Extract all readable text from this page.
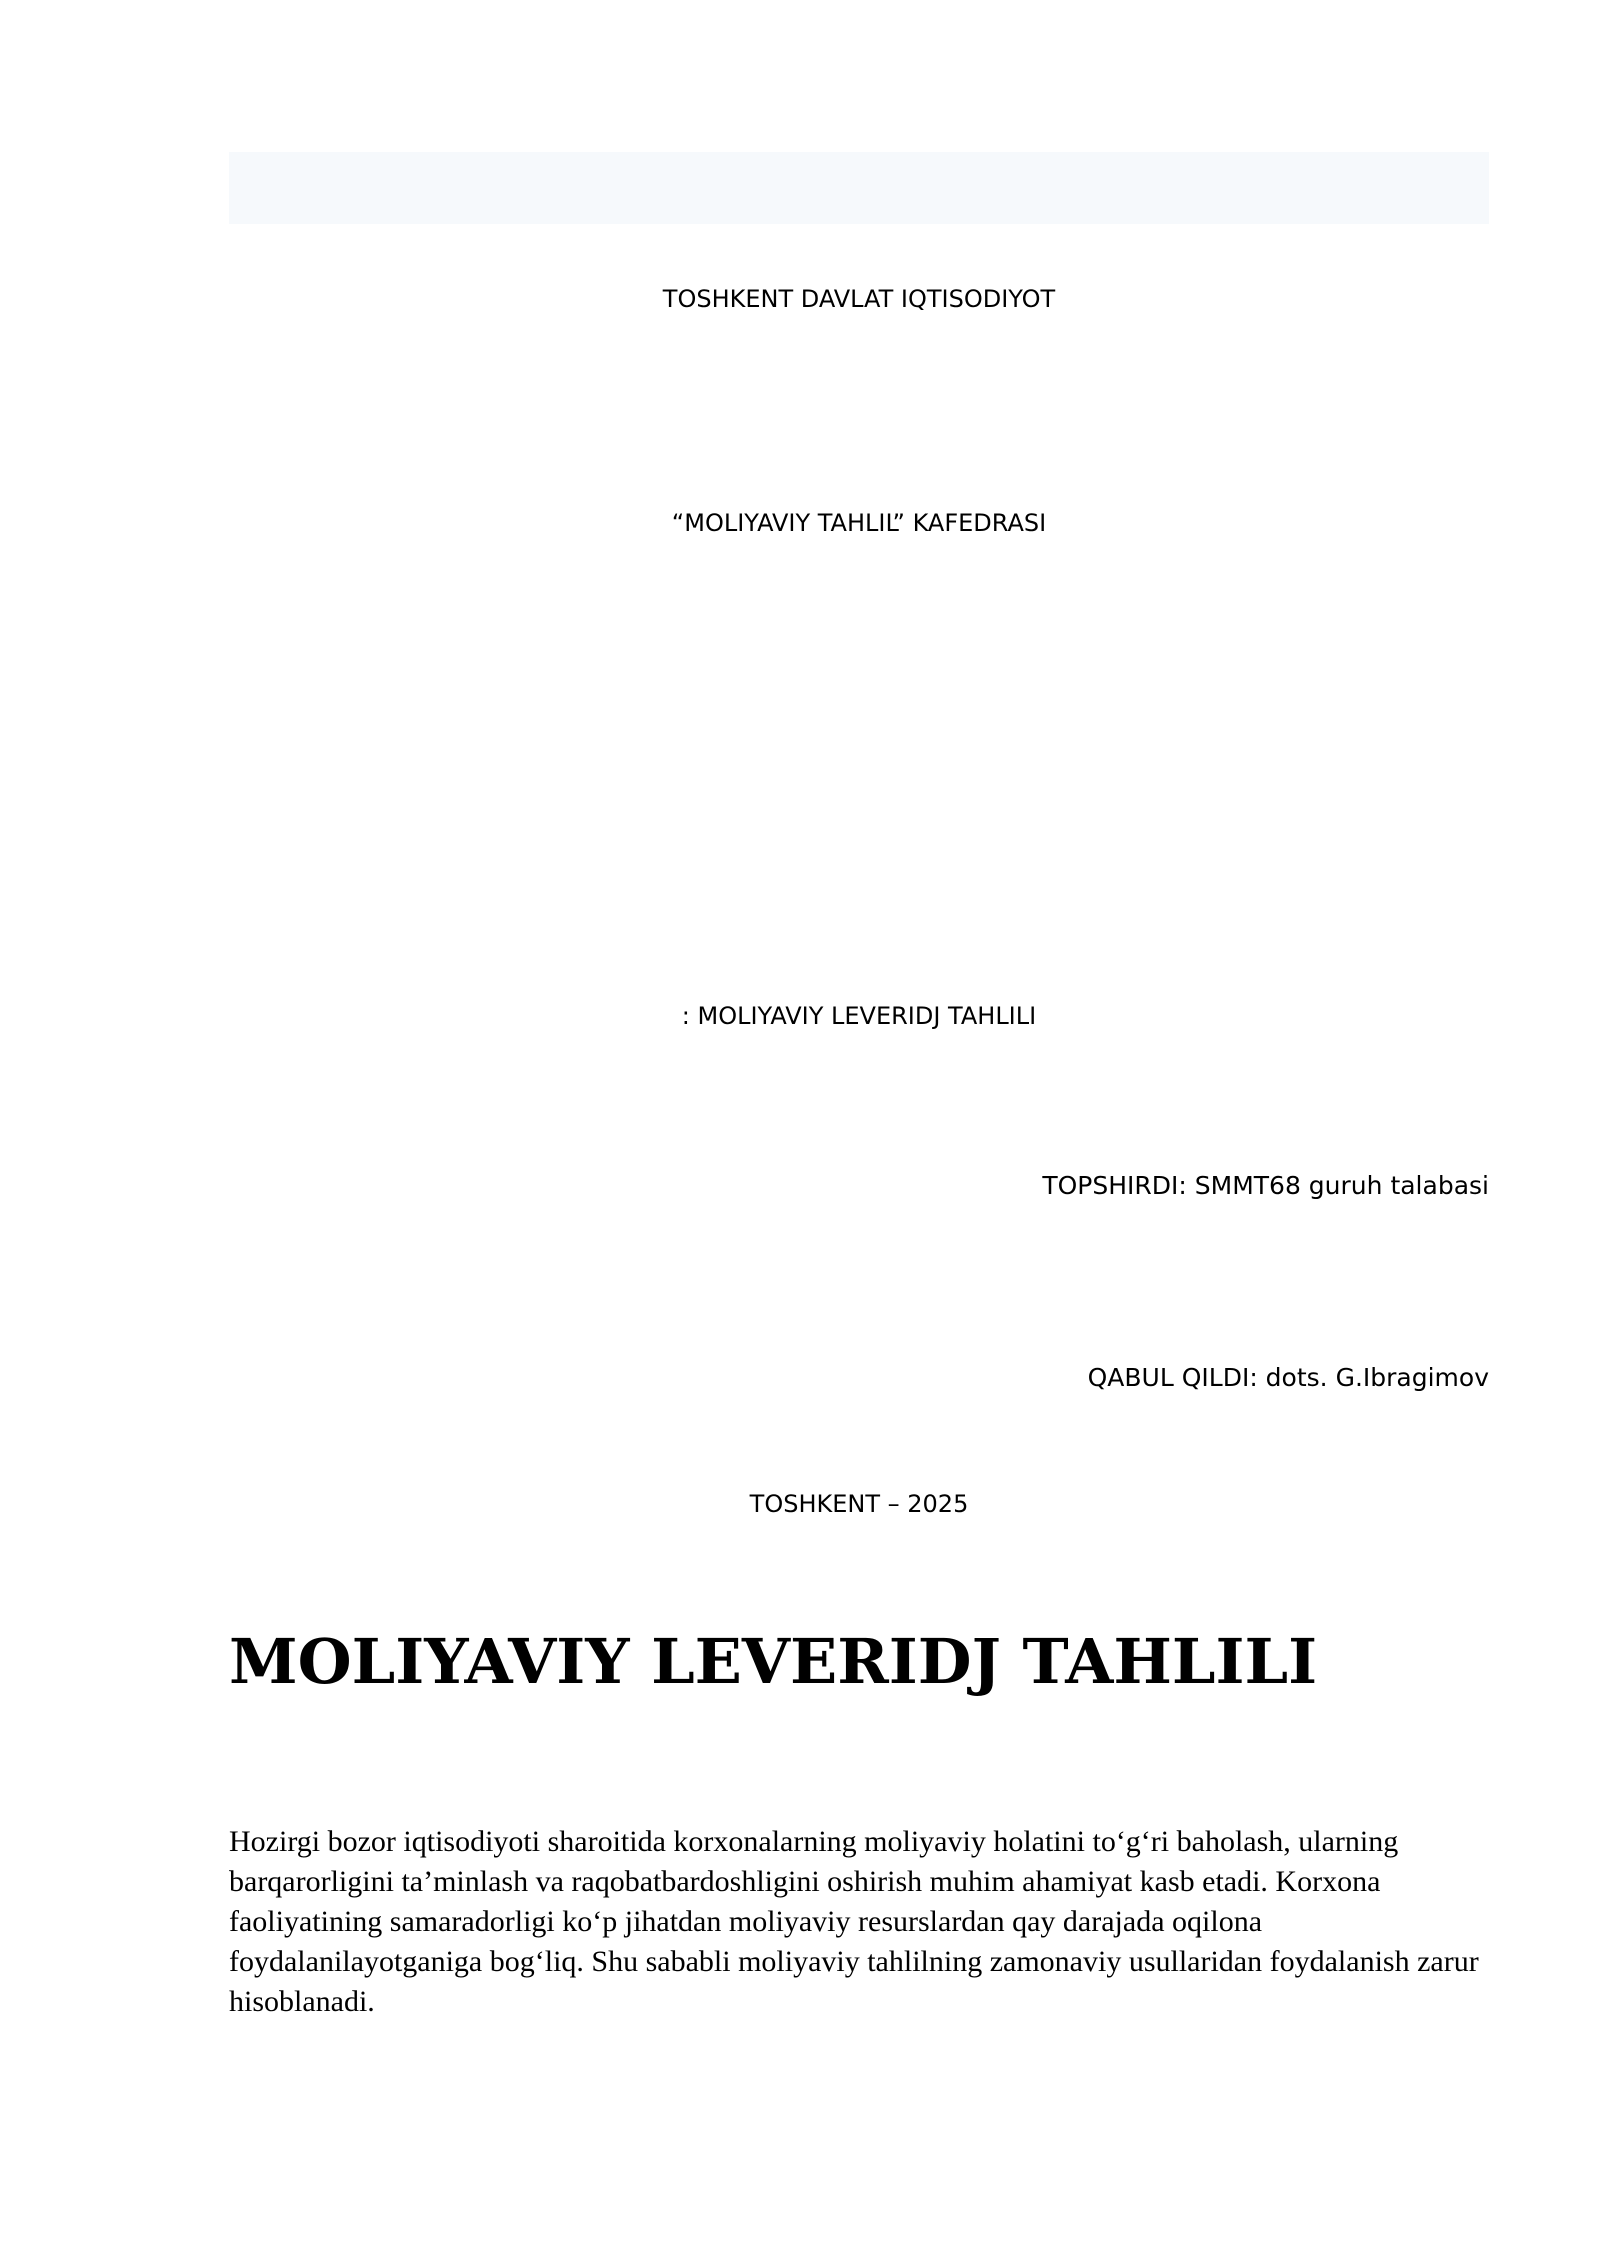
TOSHKENT DAVLAT IQTISODIYOT
“MOLIYAVIY TAHLIL” KAFEDRASI
: MOLIYAVIY LEVERIDJ TAHLILI
TOPSHIRDI: SMMT68 guruh talabasi
QABUL QILDI: dots. G.Ibragimov
TOSHKENT – 2025
MOLIYAVIY LEVERIDJ TAHLILI

Hozirgi bozor iqtisodiyoti sharoitida korxonalarning moliyaviy holatini to‘g‘ri baholash, ularning barqarorligini ta’minlash va raqobatbardoshligini oshirish muhim ahamiyat kasb etadi. Korxona faoliyatining samaradorligi ko‘p jihatdan moliyaviy resurslardan qay darajada oqilona foydalanilayotganiga bog‘liq. Shu sababli moliyaviy tahlilning zamonaviy usullaridan foydalanish zarur hisoblanadi.
